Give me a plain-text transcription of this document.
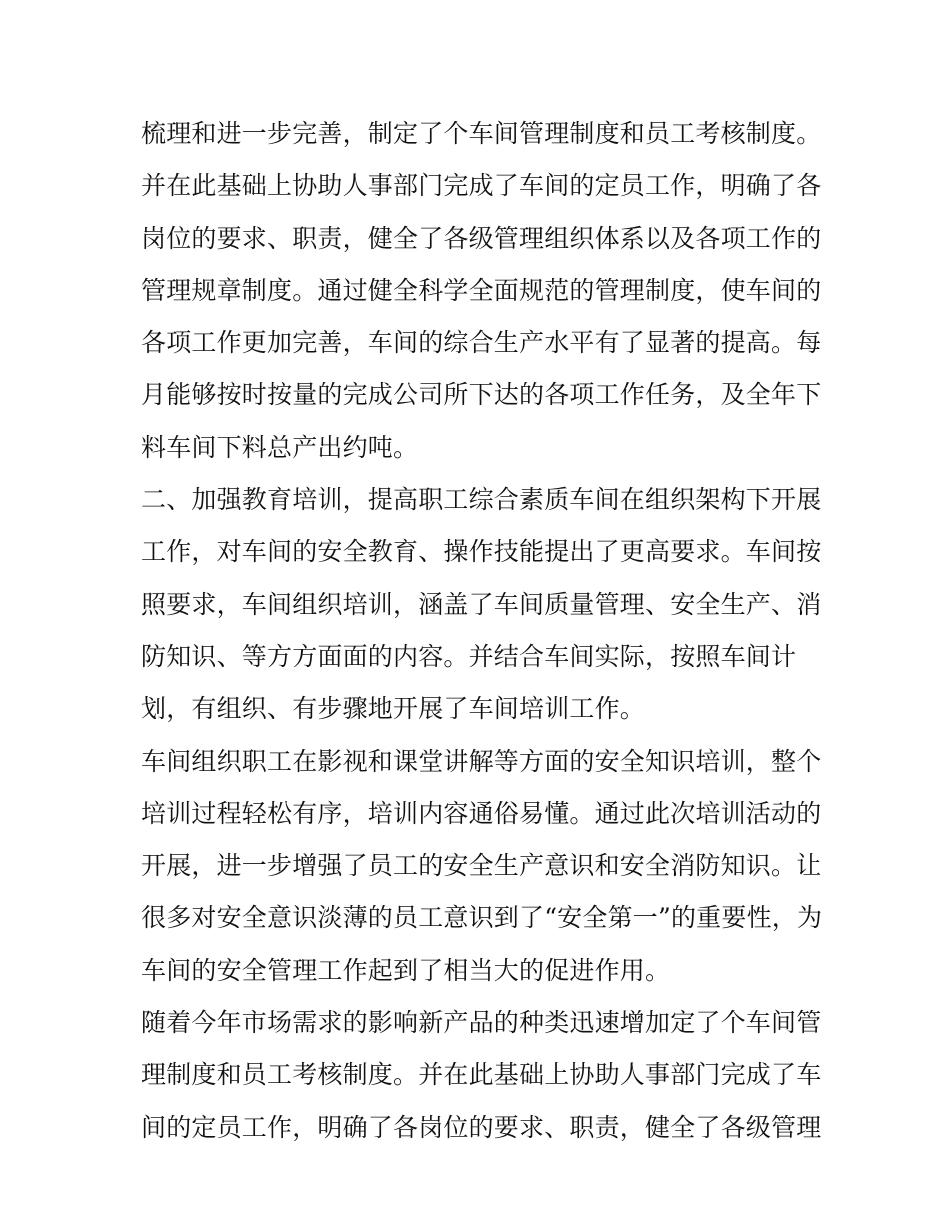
梳理和进一步完善，制定了个车间管理制度和员工考核制度。
并在此基础上协助人事部门完成了车间的定员工作，明确了各
岗位的要求、职责，健全了各级管理组织体系以及各项工作的
管理规章制度。通过健全科学全面规范的管理制度，使车间的
各项工作更加完善，车间的综合生产水平有了显著的提高。每
月能够按时按量的完成公司所下达的各项工作任务，及全年下
料车间下料总产出约吨。
二、加强教育培训，提高职工综合素质车间在组织架构下开展
工作，对车间的安全教育、操作技能提出了更高要求。车间按
照要求，车间组织培训，涵盖了车间质量管理、安全生产、消
防知识、等方方面面的内容。并结合车间实际，按照车间计
划，有组织、有步骤地开展了车间培训工作。
车间组织职工在影视和课堂讲解等方面的安全知识培训，整个
培训过程轻松有序，培训内容通俗易懂。通过此次培训活动的
开展，进一步增强了员工的安全生产意识和安全消防知识。让
很多对安全意识淡薄的员工意识到了“安全第一”的重要性，为
车间的安全管理工作起到了相当大的促进作用。
随着今年市场需求的影响新产品的种类迅速增加定了个车间管
理制度和员工考核制度。并在此基础上协助人事部门完成了车
间的定员工作，明确了各岗位的要求、职责，健全了各级管理
